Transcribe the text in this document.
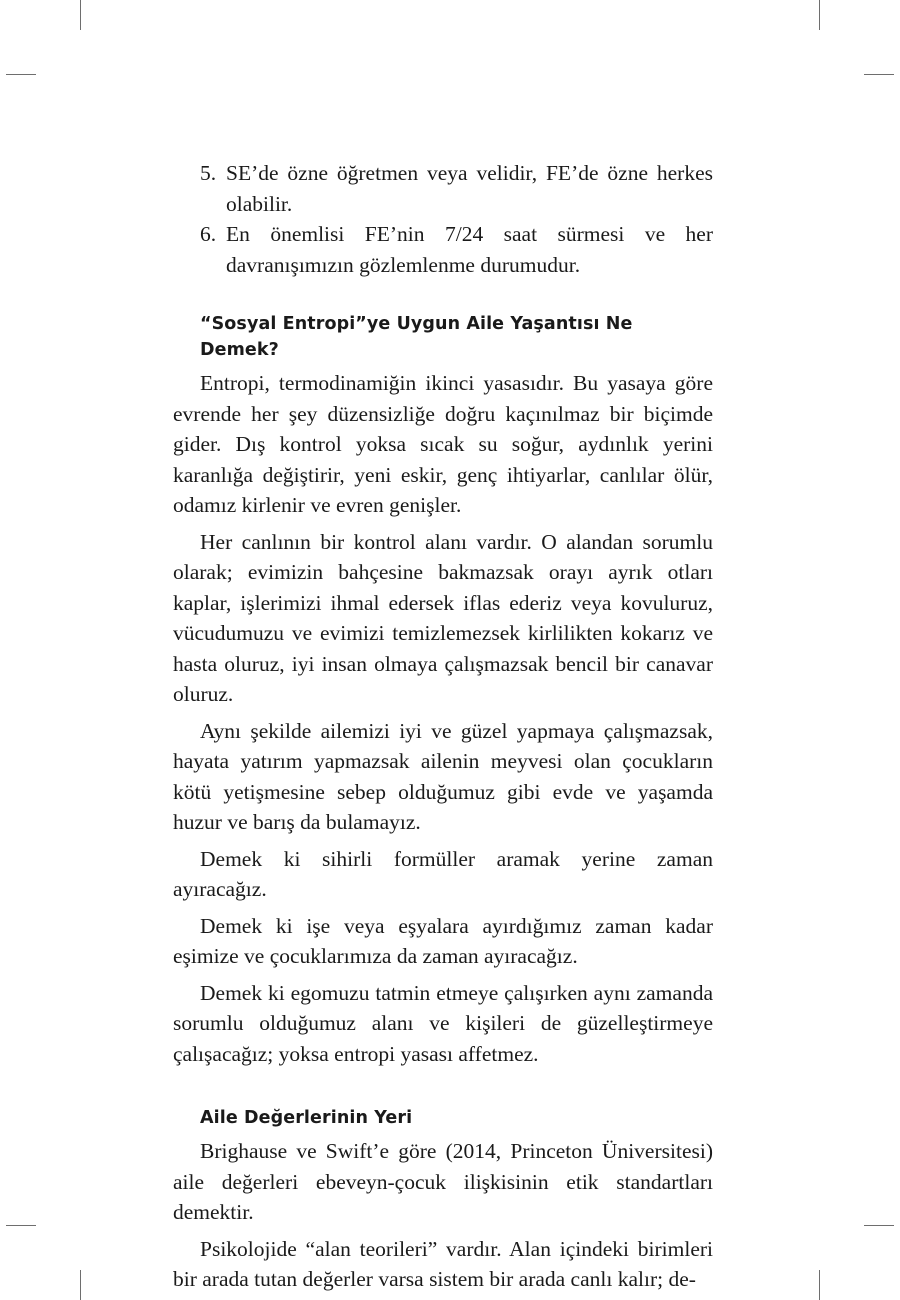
5. SE’de özne öğretmen veya velidir, FE’de özne herkes olabilir.
6. En önemlisi FE’nin 7/24 saat sürmesi ve her davranışımızın gözlemlenme durumudur.
“Sosyal Entropi”ye Uygun Aile Yaşantısı Ne Demek?

Entropi, termodinamiğin ikinci yasasıdır. Bu yasaya göre evrende her şey düzensizliğe doğru kaçınılmaz bir biçimde gider. Dış kontrol yoksa sıcak su soğur, aydınlık yerini karanlığa değiştirir, yeni eskir, genç ihtiyarlar, canlılar ölür, odamız kirlenir ve evren genişler.

Her canlının bir kontrol alanı vardır. O alandan sorumlu olarak; evimizin bahçesine bakmazsak orayı ayrık otları kaplar, işlerimizi ihmal edersek iflas ederiz veya kovuluruz, vücudumuzu ve evimizi temizlemezsek kirlilikten kokarız ve hasta oluruz, iyi insan olmaya çalışmazsak bencil bir canavar oluruz.

Aynı şekilde ailemizi iyi ve güzel yapmaya çalışmazsak, hayata yatırım yapmazsak ailenin meyvesi olan çocukların kötü yetişmesine sebep olduğumuz gibi evde ve yaşamda huzur ve barış da bulamayız.

Demek ki sihirli formüller aramak yerine zaman ayıracağız.

Demek ki işe veya eşyalara ayırdığımız zaman kadar eşimize ve çocuklarımıza da zaman ayıracağız.

Demek ki egomuzu tatmin etmeye çalışırken aynı zamanda sorumlu olduğumuz alanı ve kişileri de güzelleştirmeye çalışacağız; yoksa entropi yasası affetmez.

Aile Değerlerinin Yeri

Brighause ve Swift’e göre (2014, Princeton Üniversitesi) aile değerleri ebeveyn-çocuk ilişkisinin etik standartları demektir.

Psikolojide “alan teorileri” vardır. Alan içindeki birimleri bir arada tutan değerler varsa sistem bir arada canlı kalır; de-
